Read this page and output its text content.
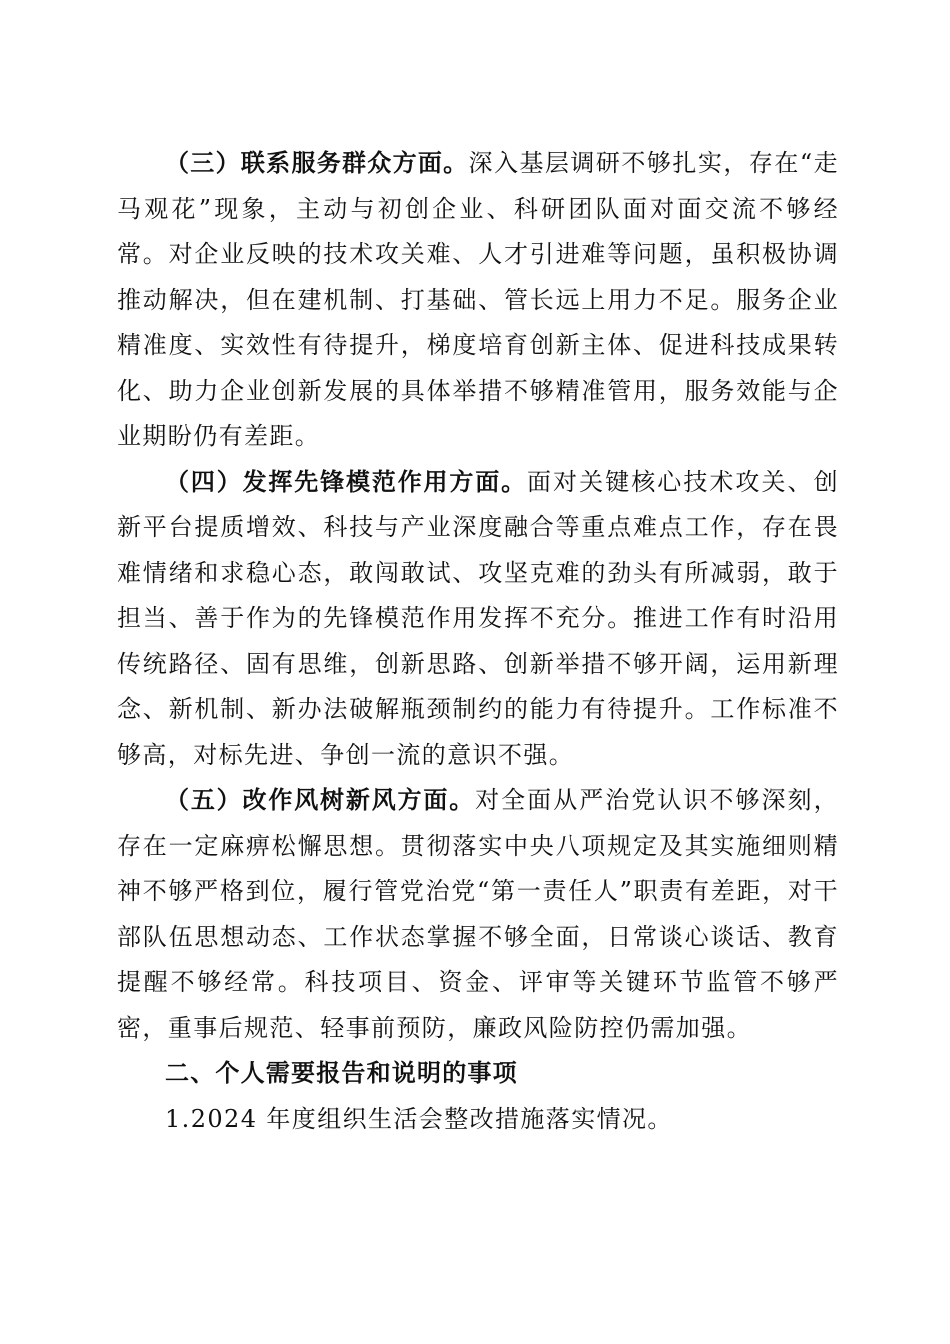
（三）联系服务群众方面。深入基层调研不够扎实，存在“走马观花”现象，主动与初创企业、科研团队面对面交流不够经常。对企业反映的技术攻关难、人才引进难等问题，虽积极协调推动解决，但在建机制、打基础、管长远上用力不足。服务企业精准度、实效性有待提升，梯度培育创新主体、促进科技成果转化、助力企业创新发展的具体举措不够精准管用，服务效能与企业期盼仍有差距。

（四）发挥先锋模范作用方面。面对关键核心技术攻关、创新平台提质增效、科技与产业深度融合等重点难点工作，存在畏难情绪和求稳心态，敢闯敢试、攻坚克难的劲头有所减弱，敢于担当、善于作为的先锋模范作用发挥不充分。推进工作有时沿用传统路径、固有思维，创新思路、创新举措不够开阔，运用新理念、新机制、新办法破解瓶颈制约的能力有待提升。工作标准不够高，对标先进、争创一流的意识不强。

（五）改作风树新风方面。对全面从严治党认识不够深刻，存在一定麻痹松懈思想。贯彻落实中央八项规定及其实施细则精神不够严格到位，履行管党治党“第一责任人”职责有差距，对干部队伍思想动态、工作状态掌握不够全面，日常谈心谈话、教育提醒不够经常。科技项目、资金、评审等关键环节监管不够严密，重事后规范、轻事前预防，廉政风险防控仍需加强。

二、个人需要报告和说明的事项

1.2024 年度组织生活会整改措施落实情况。
